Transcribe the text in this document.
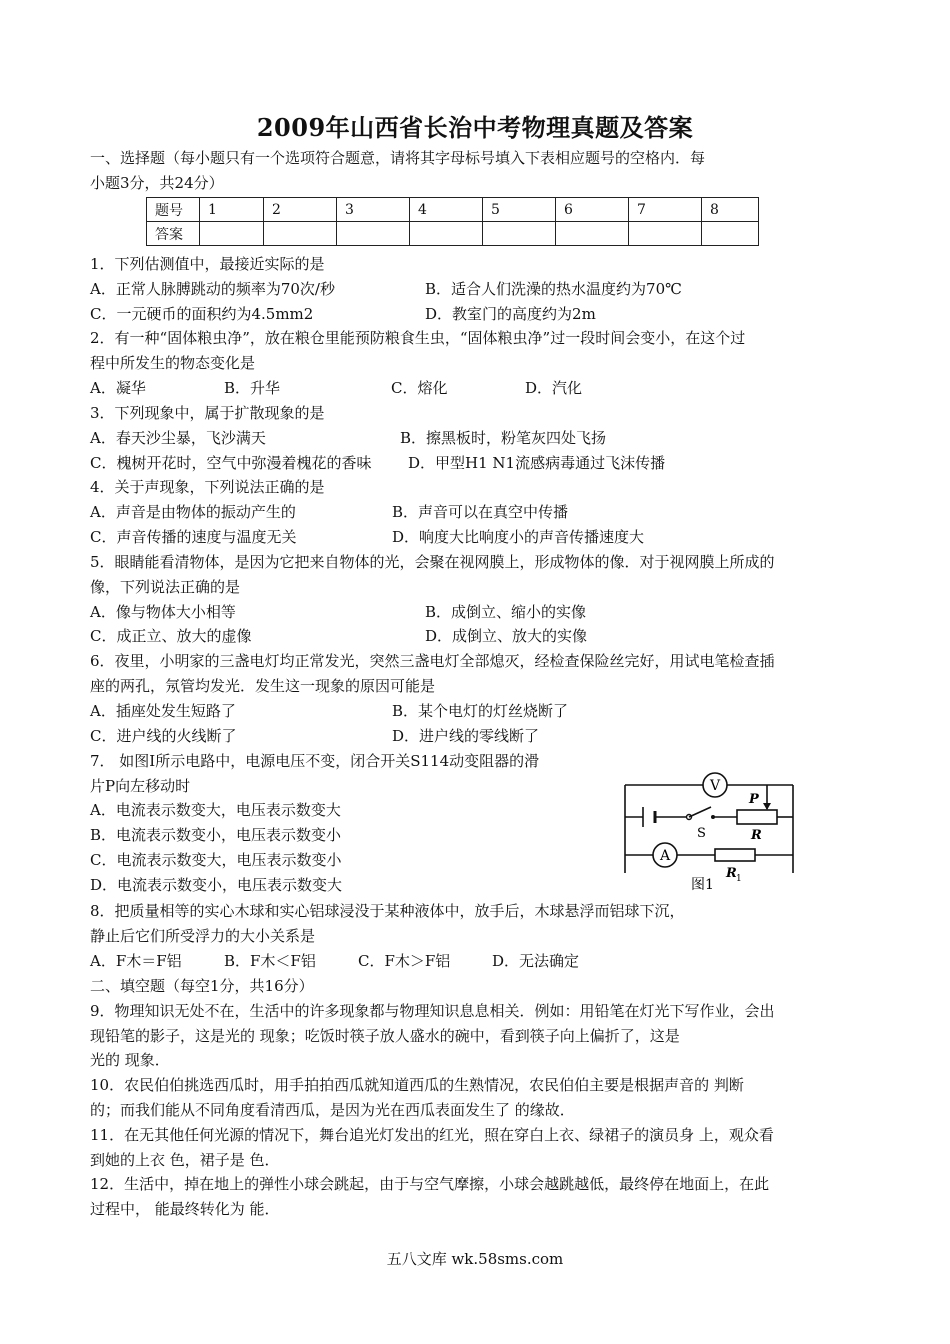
2009年山西省长治中考物理真题及答案
一、选择题（每小题只有一个选项符合题意，请将其字母标号填入下表相应题号的空格内．每
小题3分，共24分）
题号	1	2	3	4	5	6	7	8
答案								
1．下列估测值中，最接近实际的是
A．正常人脉膊跳动的频率为70次/秒	B．适合人们洗澡的热水温度约为70℃
C．一元硬币的面积约为4.5mm2	D．教室门的高度约为2m
2．有一种“固体粮虫净”，放在粮仓里能预防粮食生虫，“固体粮虫净”过一段时间会变小，在这个过
程中所发生的物态变化是
A．凝华	B．升华	C．熔化	D．汽化
3．下列现象中，属于扩散现象的是
A．春天沙尘暴，飞沙满天	B．擦黑板时，粉笔灰四处飞扬
C．槐树开花时，空气中弥漫着槐花的香味 D．甲型H1 N1流感病毒通过飞沫传播
4．关于声现象，下列说法正确的是
A．声音是由物体的振动产生的	B．声音可以在真空中传播
C．声音传播的速度与温度无关	D．响度大比响度小的声音传播速度大
5．眼睛能看清物体，是因为它把来自物体的光，会聚在视网膜上，形成物体的像．对于视网膜上所成的
像，下列说法正确的是
A．像与物体大小相等	B．成倒立、缩小的实像
C．成正立、放大的虚像	D．成倒立、放大的实像
6．夜里，小明家的三盏电灯均正常发光，突然三盏电灯全部熄灭，经检查保险丝完好，用试电笔检查插
座的两孔，氖管均发光．发生这一现象的原因可能是
A．插座处发生短路了	B．某个电灯的灯丝烧断了
C．进户线的火线断了	D．进户线的零线断了
7． 如图I所示电路中，电源电压不变，闭合开关S114动变阻器的滑
片P向左移动时
A．电流表示数变大，电压表示数变大
B．电流表示数变小，电压表示数变小
C．电流表示数变大，电压表示数变小
D．电流表示数变小，电压表示数变大
V
A
S
P
R
R 1
图1
8．把质量相等的实心木球和实心铝球浸没于某种液体中，放手后，木球悬浮而铝球下沉，
静止后它们所受浮力的大小关系是
A．F木＝F铝	B．F木＜F铝	C．F木＞F铝	D．无法确定
二、填空题（每空1分，共16分）
9．物理知识无处不在，生活中的许多现象都与物理知识息息相关．例如：用铅笔在灯光下写作业，会出
现铅笔的影子，这是光的 现象；吃饭时筷子放人盛水的碗中，看到筷子向上偏折了，这是
光的 现象．
10．农民伯伯挑选西瓜时，用手拍拍西瓜就知道西瓜的生熟情况，农民伯伯主要是根据声音的 判断
的；而我们能从不同角度看清西瓜，是因为光在西瓜表面发生了 的缘故．
11．在无其他任何光源的情况下，舞台追光灯发出的红光，照在穿白上衣、绿裙子的演员身 上，观众看
到她的上衣 色，裙子是 色．
12．生活中，掉在地上的弹性小球会跳起，由于与空气摩擦，小球会越跳越低，最终停在地面上，在此
过程中， 能最终转化为 能．
五八文库 wk.58sms.com
